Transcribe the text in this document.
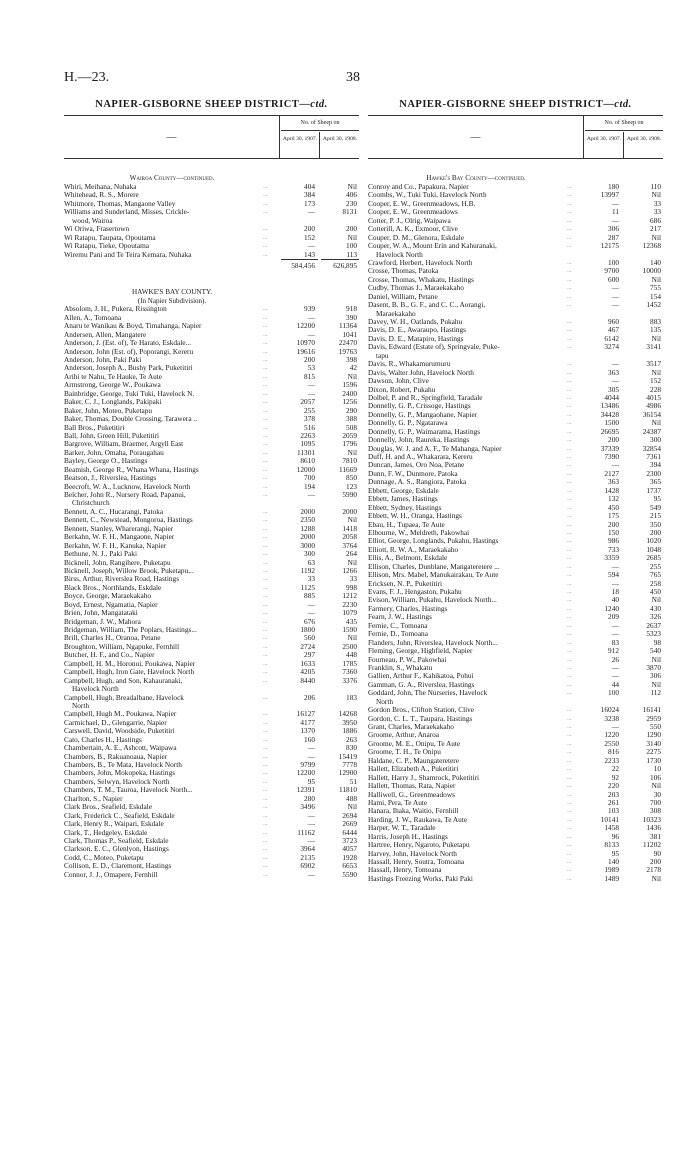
H.—23.	38
NAPIER-GISBORNE SHEEP DISTRICT—ctd.
—
No. of Sheep on
April 30, 1907.	April 30, 1908.
Wairoa County—continued.
Whiri, Meihana, Nuhaka	...	404	Nil
Whitehead, R. S., Morere	...	384	406
Whitmore, Thomas, Mangaone Valley	...	173	230
Williams and Sunderland, Misses, Crickle-	...	—	8131
wood, Wairoa
Wi Oriwa, Frasertown	...	200	200
Wi Ratapu, Taupata, Opoutama	...	152	Nil
Wi Ratapu, Tieke, Opoutama	...	—	100
Wiremu Pani and Te Teira Kemara, Nuhaka	...	143	113
584,456	626,895
HAWKE'S BAY COUNTY.
(In Napier Subdivision).
Absolom, J. H., Pukera, Rissington	...	939	918
Allen, A., Tomoana	...	—	390
Anaru te Wanikau & Boyd, Timahanga, Napier	...	12200	11364
Andersen, Allen, Mangatere	...	—	1041
Anderson, J. (Est. of), Te Harato, Eskdale...	...	10970	22470
Anderson, John (Est. of), Poporangi, Kereru	...	19616	19763
Anderson, John, Paki Paki	...	200	398
Anderson, Joseph A., Bushy Park, Puketitiri	...	53	42
Arihi te Nahu, Te Hauke, Te Aute	...	815	Nil
Armstrong, George W., Poukawa	...	—	1596
Bainbridge, George, Tuki Tuki, Havelock N.	...	—	2400
Baker, C. J., Longlands, Pakipaki	...	2057	1256
Baker, John, Moteo, Puketapu	...	255	290
Baker, Thomas, Double Crossing, Tarawera ..	...	378	388
Ball Bros., Puketitiri	...	516	508
Ball, John, Green Hill, Puketitiri	...	2263	2059
Bargrove, William, Braemer, Argyll East	...	1095	1796
Barker, John, Omaha, Poraugahau	...	11301	Nil
Bayley, George O., Hastings	...	8610	7810
Beamish, George R., Whana Whana, Hastings	...	12000	11669
Beatson, J., Riverslea, Hastings	...	700	850
Beecroft, W. A., Lucknow, Havelock North	...	194	123
Belcher, John R., Nursery Road, Papanui,	...	—	5990
Christchurch
Bennett, A. C., Hucarangi, Patoka	...	2000	2000
Bennett, C., Newstead, Mongoroa, Hastings	...	2350	Nil
Bennett, Stanley, Wharerangi, Napier	...	1288	1418
Berkahn, W. F. H., Mangaone, Napier	...	2000	2058
Berkahn, W. F. H., Kanuka, Napier	...	3000	3764
Bethune, N. J., Paki Paki	...	300	264
Bicknell, John, Rangihere, Puketapu	...	63	Nil
Bicknell, Joseph, Willow Brook, Puketapu...	...	1192	1266
Birss, Arthur, Riverslea Road, Hastings	...	33	33
Black Bros., Northlands, Eskdale	...	1125	998
Boyce, George, Maraekakaho	...	885	1212
Boyd, Ernest, Ngamatia, Napier	...	—	2230
Brien, John, Mangatataki	...	—	1079
Bridgeman, J. W., Mahora	...	676	435
Bridgeman, William, The Poplars, Hastings...	...	1800	1590
Brill, Charles H., Oranoa, Petane	...	560	Nil
Broughton, William, Ngapuke, Fernhill	...	2724	2500
Butcher, H. F., and Co., Napier	...	297	448
Campbell, H. M., Horonui, Poukawa, Napier	...	1633	1785
Campbell, Hugh, Iron Gate, Havelock North	...	4205	7360
Campbell, Hugh, and Son, Kahauranaki,	...	8440	3376
Havelock North
Campbell, Hugh, Breadalbane, Havelock	...	206	183
North
Campbell, Hugh M., Poukawa, Napier	...	16127	14268
Carmichael, D., Glengarrie, Napier	...	4177	3950
Carswell, David, Woodside, Puketitiri	...	1370	1886
Cato, Charles H., Hastings	...	160	263
Chambertain, A. E., Ashcott, Waipawa	...	—	830
Chambers, B., Rakuanoaua, Napier	...	—	15419
Chambers, B., Te Mata, Havelock North	...	9799	7778
Chambers, John, Mokopeka, Hastings	...	12200	12900
Chambers, Selwyn, Havelock North	...	95	51
Chambers, T. M., Tauroa, Havelock North...	...	12391	11810
Charlton, S., Napier	...	280	488
Clark Bros., Seafield, Eskdale	...	3496	Nil
Clark, Frederick C., Seafield, Eskdale	...	—	2694
Clark, Henry R., Waipari, Eskdale	...	—	2669
Clark, T., Hedgeley, Eskdale	...	11162	6444
Clark, Thomas P., Seafield, Eskdale	...	—	3723
Clarkson, E. C., Glenlyon, Hastings	...	3964	4057
Codd, C., Moteo, Puketapu	...	2135	1928
Collison, E. D., Claremont, Hastings	...	6902	6653
Connor, J. J., Omapere, Fernhill	...	—	5590
NAPIER-GISBORNE SHEEP DISTRICT—ctd.
—
No. of Sheep on
April 30, 1907.	April 30, 1908.
Hawke's Bay County—continued.
Conroy and Co., Papakura, Napier	...	180	110
Coombs, W., Tuki Tuki, Havelock North	...	13997	Nil
Cooper, E. W., Greenmeadows, H.B.	...	—	33
Cooper, E. W., Greenmeadows	...	11	33
Cotter, P. J., Olrig, Waipawa	...	—	686
Cotterill, A. K., Exmoor, Clive	...	306	217
Couper, D. M., Glenora, Eskdale	...	287	Nil
Couper, W. A., Mount Erin and Kahuranaki,	...	12175	12368
Havelock North
Crawford, Herbert, Havelock North	...	100	140
Crosse, Thomas, Patoka	...	9700	10000
Crosse, Thomas, Whakatu, Hastings	...	600	Nil
Cudby, Thomas J., Maraekakaho	...	—	755
Daniel, William, Petane	...	—	154
Dasent, B. B., G. F., and C. C., Aorangi,	...	—	1452
Maraekakaho
Davey, W. H., Oatlands, Pukahu	...	960	883
Davis, D. E., Awaraupo, Hastings	...	467	135
Davis, D. E., Matapiro, Hastings	...	6142	Nil
Davis, Edward (Estate of), Springvale, Puke-	...	3274	3141
tapu
Davis, R., Whakamurumuru	...	—	3517
Davis, Walter John, Havelock North	...	363	Nil
Dawson, John, Clive	...	—	152
Dixon, Robert, Pukahu	...	305	228
Dolbel, P. and R., Springfield, Taradale	...	4044	4015
Donnelly, G. P., Crissoge, Hastings	...	13486	4986
Donnelly, G. P., Mangaohane, Napier	...	34428	36154
Donnelly, G. P., Ngatarawa	...	1500	Nil
Donnelly, G. P., Waimarama, Hastings	...	26695	24387
Donnelly, John, Raureka, Hastings	...	200	300
Douglas, W. J. and A. F., Te Mahanga, Napier	...	37339	32854
Duff, H. and A., Whakarara, Kereru	...	7390	7361
Duncan, James, Oro Noa, Petane	...	—	394
Dunn, F. W., Dunmore, Patoka	...	2127	2300
Dunnage, A. S., Rangiora, Patoka	...	363	365
Ebbett, George, Eskdale	...	1428	1737
Ebbett, James, Hastings	...	132	95
Ebbett, Sydney, Hastings	...	450	549
Ebbett, W. H., Oranga, Hastings	...	175	215
Ebau, H., Tupaea, Te Aute	...	200	350
Elbourne, W., Meldreth, Pakowhai	...	150	200
Elliot, George, Longlands, Pukahu, Hastings	...	986	1020
Elliott, R. W. A., Maraekakaho	...	733	1048
Ellis, A., Belmont, Eskdale	...	3359	2685
Ellison, Charles, Dunblane, Mangateretere ...	...	—	255
Ellison, Mrs. Mabel, Manukairakau, Te Aute	...	594	765
Ericksen, N. P., Puketitiri	...	—	258
Evans, F. J., Hengaston, Pukahu	...	18	450
Evison, William, Pukahu, Havelock North...	...	40	Nil
Farmery, Charles, Hastings	...	1240	430
Fearn, J. W., Hastings	...	209	326
Fernie, C., Tomoana	...	—	2637
Fernie, D., Tomoana	...	—	5323
Flanders, John, Riverslea, Havelock North...	...	83	98
Fleming, George, Highfield, Napier	...	912	540
Fourneau, P. W., Pakowhai	...	26	Nil
Franklin, S., Whakatu	...	—	3870
Gallien, Arthur F., Kahikatoa, Pohui	...	—	306
Gamman, G. A., Riverslea, Hastings	...	44	Nil
Goddard, John, The Nurseries, Havelock	...	100	112
North
Gordon Bros., Clifton Station, Clive	...	16024	16141
Gordon, C. L. T., Taupara, Hastings	...	3238	2959
Grant, Charles, Maraekakaho	...	—	550
Groome, Arthur, Anaroa	...	1220	1290
Groome, M. E., Onipu, Te Aute	...	2550	3140
Groome, T. H., Te Onipu	...	816	2275
Haldane, C. P., Maungateretere	...	2233	1730
Hallett, Elizabeth A., Puketitiri	...	22	10
Hallett, Harry J., Shamrock, Puketitiri	...	92	106
Hallett, Thomas, Rata, Napier	...	220	Nil
Halliwell, G., Greenmeadows	...	203	30
Hami, Pera, Te Aute	...	261	700
Hanara, Ihaka, Waitio, Fernhill	...	103	308
Harding, J. W., Raukawa, Te Aute	...	10141	10323
Harper, W. T., Taradale	...	1458	1436
Harris, Joseph H., Hastings	...	96	381
Hartree, Henry, Ngaroto, Puketapu	...	8133	11202
Harvey, John, Havelock North	...	95	90
Hassall, Henry, Soutra, Tomoana	...	140	200
Hassall, Henry, Tomoana	...	1989	2178
Hastings Freezing Works, Paki Paki	...	1489	Nil
